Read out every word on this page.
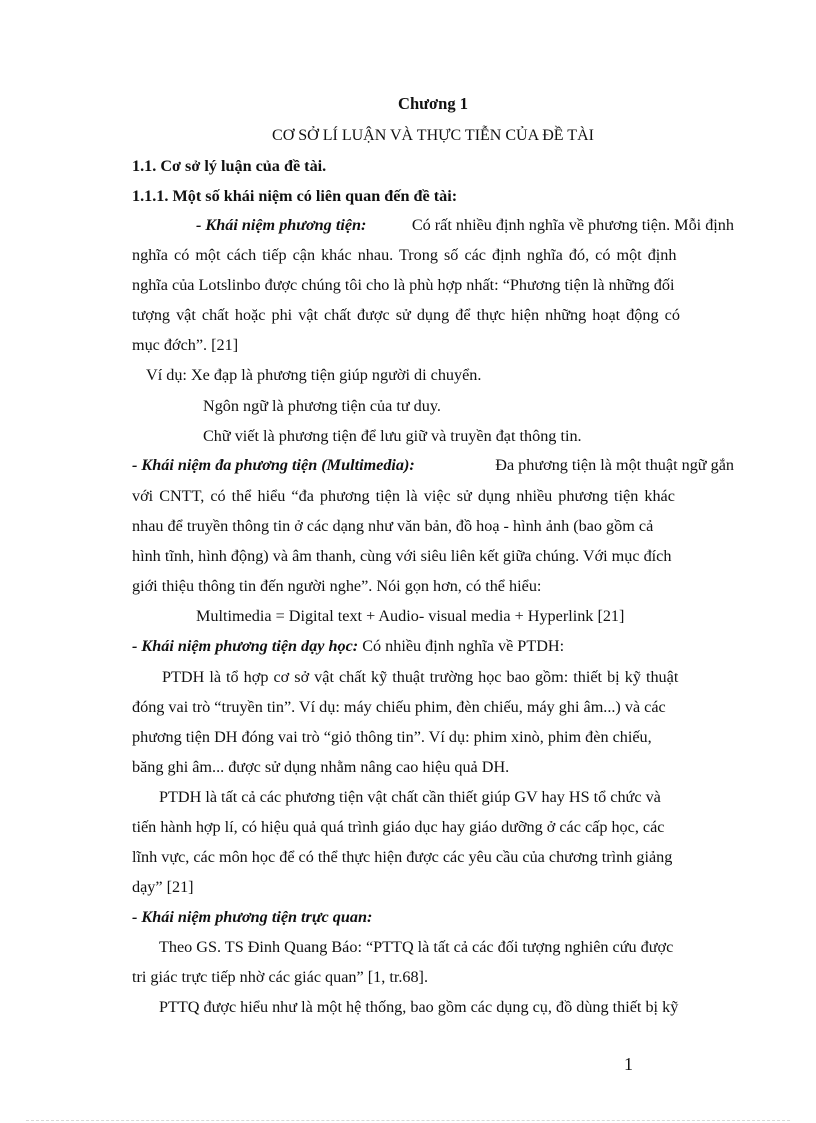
Chương 1
CƠ SỞ LÍ LUẬN VÀ THỰC TIỄN CỦA ĐỀ TÀI
1.1. Cơ sở lý luận của đề tài.
1.1.1. Một số khái niệm có liên quan đến đề tài:
- Khái niệm phương tiện:	Có rất nhiều định nghĩa về phương tiện. Mỗi định
nghĩa có một cách tiếp cận khác nhau. Trong số các định nghĩa đó, có một định
nghĩa của Lotslinbo được chúng tôi cho là phù hợp nhất: “Phương tiện là những đối
tượng vật chất hoặc phi vật chất được sử dụng để thực hiện những hoạt động có
mục đớch”. [21]
Ví dụ: Xe đạp là phương tiện giúp người di chuyển.
Ngôn ngữ là phương tiện của tư duy.
Chữ viết là phương tiện để lưu giữ và truyền đạt thông tin.
- Khái niệm đa phương tiện (Multimedia):	Đa phương tiện là một thuật ngữ gắn
với CNTT, có thể hiểu “đa phương tiện là việc sử dụng nhiều phương tiện khác
nhau để truyền thông tin ở các dạng như văn bản, đồ hoạ - hình ảnh (bao gồm cả
hình tĩnh, hình động) và âm thanh, cùng với siêu liên kết giữa chúng. Với mục đích
giới thiệu thông tin đến người nghe”. Nói gọn hơn, có thể hiểu:
Multimedia = Digital text + Audio- visual media + Hyperlink [21]
- Khái niệm phương tiện dạy học: Có nhiều định nghĩa về PTDH:
PTDH là tổ hợp cơ sở vật chất kỹ thuật trường học bao gồm: thiết bị kỹ thuật
đóng vai trò “truyền tin”. Ví dụ: máy chiếu phim, đèn chiếu, máy ghi âm...) và các
phương tiện DH đóng vai trò “giỏ thông tin”. Ví dụ: phim xinò, phim đèn chiếu,
băng ghi âm... được sử dụng nhằm nâng cao hiệu quả DH.
PTDH là tất cả các phương tiện vật chất cần thiết giúp GV hay HS tổ chức và
tiến hành hợp lí, có hiệu quả quá trình giáo dục hay giáo dưỡng ở các cấp học, các
lĩnh vực, các môn học để có thể thực hiện được các yêu cầu của chương trình giảng
dạy” [21]
- Khái niệm phương tiện trực quan:
Theo GS. TS Đinh Quang Báo: “PTTQ là tất cả các đối tượng nghiên cứu được
tri giác trực tiếp nhờ các giác quan” [1, tr.68].
PTTQ được hiểu như là một hệ thống, bao gồm các dụng cụ, đồ dùng thiết bị kỹ
1
